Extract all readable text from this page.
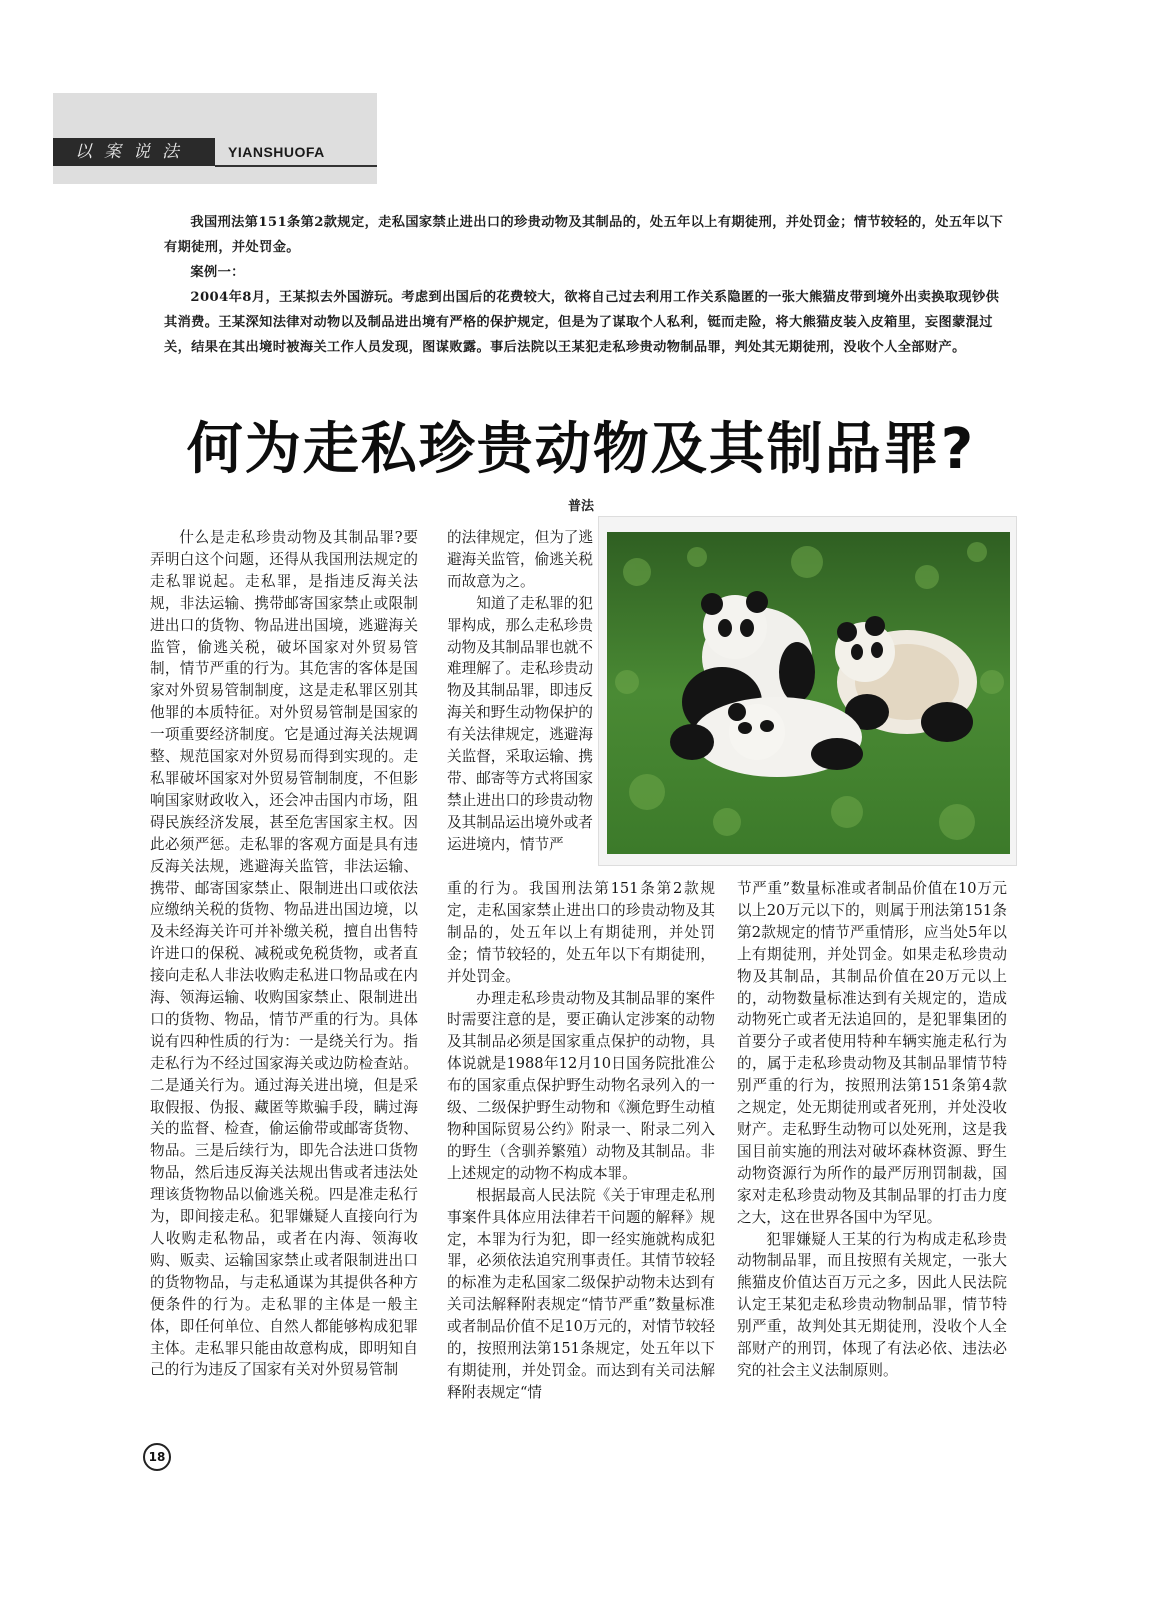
以案说法	YIANSHUOFA

我国刑法第151条第2款规定，走私国家禁止进出口的珍贵动物及其制品的，处五年以上有期徒刑，并处罚金；情节较轻的，处五年以下有期徒刑，并处罚金。

案例一：

2004年8月，王某拟去外国游玩。考虑到出国后的花费较大，欲将自己过去利用工作关系隐匿的一张大熊猫皮带到境外出卖换取现钞供其消费。王某深知法律对动物以及制品进出境有严格的保护规定，但是为了谋取个人私利，铤而走险，将大熊猫皮装入皮箱里，妄图蒙混过关，结果在其出境时被海关工作人员发现，图谋败露。事后法院以王某犯走私珍贵动物制品罪，判处其无期徒刑，没收个人全部财产。

何为走私珍贵动物及其制品罪?
普法

什么是走私珍贵动物及其制品罪?要弄明白这个问题，还得从我国刑法规定的走私罪说起。走私罪，是指违反海关法规，非法运输、携带邮寄国家禁止或限制进出口的货物、物品进出国境，逃避海关监管，偷逃关税，破坏国家对外贸易管制，情节严重的行为。其危害的客体是国家对外贸易管制制度，这是走私罪区别其他罪的本质特征。对外贸易管制是国家的一项重要经济制度。它是通过海关法规调整、规范国家对外贸易而得到实现的。走私罪破坏国家对外贸易管制制度，不但影响国家财政收入，还会冲击国内市场，阻碍民族经济发展，甚至危害国家主权。因此必须严惩。走私罪的客观方面是具有违反海关法规，逃避海关监管，非法运输、携带、邮寄国家禁止、限制进出口或依法应缴纳关税的货物、物品进出国边境，以及未经海关许可并补缴关税，擅自出售特许进口的保税、减税或免税货物，或者直接向走私人非法收购走私进口物品或在内海、领海运输、收购国家禁止、限制进出口的货物、物品，情节严重的行为。具体说有四种性质的行为：一是绕关行为。指走私行为不经过国家海关或边防检查站。二是通关行为。通过海关进出境，但是采取假报、伪报、藏匿等欺骗手段，瞒过海关的监督、检查，偷运偷带或邮寄货物、物品。三是后续行为，即先合法进口货物物品，然后违反海关法规出售或者违法处理该货物物品以偷逃关税。四是准走私行为，即间接走私。犯罪嫌疑人直接向行为人收购走私物品，或者在内海、领海收购、贩卖、运输国家禁止或者限制进出口的货物物品，与走私通谋为其提供各种方便条件的行为。走私罪的主体是一般主体，即任何单位、自然人都能够构成犯罪主体。走私罪只能由故意构成，即明知自己的行为违反了国家有关对外贸易管制

的法律规定，但为了逃避海关监管，偷逃关税而故意为之。

知道了走私罪的犯罪构成，那么走私珍贵动物及其制品罪也就不难理解了。走私珍贵动物及其制品罪，即违反海关和野生动物保护的有关法律规定，逃避海关监督，采取运输、携带、邮寄等方式将国家禁止进出口的珍贵动物及其制品运出境外或者运进境内，情节严

重的行为。我国刑法第151条第2款规定，走私国家禁止进出口的珍贵动物及其制品的，处五年以上有期徒刑，并处罚金；情节较轻的，处五年以下有期徒刑，并处罚金。

办理走私珍贵动物及其制品罪的案件时需要注意的是，要正确认定涉案的动物及其制品必须是国家重点保护的动物，具体说就是1988年12月10日国务院批准公布的国家重点保护野生动物名录列入的一级、二级保护野生动物和《濒危野生动植物种国际贸易公约》附录一、附录二列入的野生（含驯养繁殖）动物及其制品。非上述规定的动物不构成本罪。

根据最高人民法院《关于审理走私刑事案件具体应用法律若干问题的解释》规定，本罪为行为犯，即一经实施就构成犯罪，必须依法追究刑事责任。其情节较轻的标准为走私国家二级保护动物未达到有关司法解释附表规定“情节严重”数量标准或者制品价值不足10万元的，对情节较轻的，按照刑法第151条规定，处五年以下有期徒刑，并处罚金。而达到有关司法解释附表规定“情

节严重”数量标准或者制品价值在10万元以上20万元以下的，则属于刑法第151条第2款规定的情节严重情形，应当处5年以上有期徒刑，并处罚金。如果走私珍贵动物及其制品，其制品价值在20万元以上的，动物数量标准达到有关规定的，造成动物死亡或者无法追回的，是犯罪集团的首要分子或者使用特种车辆实施走私行为的，属于走私珍贵动物及其制品罪情节特别严重的行为，按照刑法第151条第4款之规定，处无期徒刑或者死刑，并处没收财产。走私野生动物可以处死刑，这是我国目前实施的刑法对破坏森林资源、野生动物资源行为所作的最严厉刑罚制裁，国家对走私珍贵动物及其制品罪的打击力度之大，这在世界各国中为罕见。

犯罪嫌疑人王某的行为构成走私珍贵动物制品罪，而且按照有关规定，一张大熊猫皮价值达百万元之多，因此人民法院认定王某犯走私珍贵动物制品罪，情节特别严重，故判处其无期徒刑，没收个人全部财产的刑罚，体现了有法必依、违法必究的社会主义法制原则。

18
